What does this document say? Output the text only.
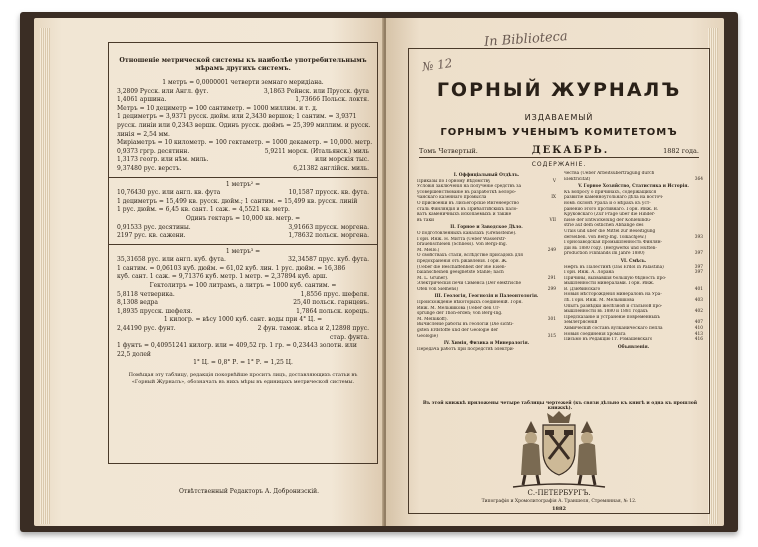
Отношеніе метрической системы къ наиболѣе употребительнымъ
мѣрамъ другихъ системъ.
1 метръ = 0,0000001 четверти земнаго меридіана.
3,2809 Русск. или Англ. фут.	3,1863 Рейнск. или Прусск. фута
1,4061 аршина.	1,73666 Польск. локтя.
Метръ = 10 дециметр = 100 сантиметр. = 1000 миллим. и т. д.
1 дециметръ = 3,9371 русск. дюйм. или 2,3430 вершок; 1 сантим. = 3,9371
русск. линіи или 0,2343 вершк. Одинъ русск. дюймъ = 25,399 миллим. и русск.
линія = 2,54 мм.
Миріаметръ = 10 километр. = 100 гектаметр. = 1000 декаметр. = 10,000. метр.
0,9373 гргр. десятинн.	5,9211 морск. (Итальянск.) миль
1,3173 геогр. или нѣм. миль.	или морскія тыс.
9,37480 рус. верстъ.	6,21382 англійск. миль.
1 метръ² =
10,76430 рус. или англ. кв. фута	10,1587 прусск. кв. фута.
1 дециметръ = 15,499 кв. русск. дюйм.; 1 сантим. = 15,499 кв. русск. линій
1 рус. дюйм. = 6,45 кв. сант. 1 саж. = 4,5521 кв. метр.
Одинъ гектаръ = 10,000 кв. метр. =
0,91533 рус. десятины.	3,91663 прусск. моргена.
2197 рус. кв. сажени.	1,78632 польск. моргена.
1 метръ³ =
35,31658 рус. или англ. куб. фута.	32,34587 прус. куб. фута.
1 сантим. = 0,06103 куб. дюйм. = 61,02 куб. лин. 1 рус. дюйм. = 16,386
куб. сант. 1 саж. = 9,71376 куб. метр. 1 метр. = 2,37894 куб. арш.
Гектолитръ = 100 литрамъ, а литръ = 1000 куб. сантим. =
5,8118 четверика.	1,8556 прус. шефеля.
8,1308 ведра	25,40 польск. гарнцевъ.
1,8935 прусск. шефеля.	1,7864 польск. корецъ.
1 килогр. = вѣсу 1000 куб. сант. воды при 4° Ц. =
2,44190 рус. фунт.	2 фун. тамож. вѣса и 2,12898 прус.
стар. фунта.
1 фунтъ = 0,40951241 килогр. или = 409,52 гр. 1 гр. = 0,23443 золотн. или
22,5 долей
1° Ц. = 0,8° Р. = 1° Р. = 1,25 Ц.
Помѣщая эту таблицу, редакція покорнѣйше проситъ лицъ, доставляющихъ статьи въ «Горный Журналъ», обозначать въ нихъ мѣры въ единицахъ метрической системы.
Отвѣтственный Редакторъ А. Добронизскій.
№ 12
In Biblioteca
ГОРНЫЙ ЖУРНАЛЪ
ИЗДАВАЕМЫЙ
ГОРНЫМЪ УЧЕНЫМЪ КОМИТЕТОМЪ
Томъ Четвертый.	ДЕКАБРЬ.	1882 года.
СОДЕРЖАНІЕ.
I. Оффиціальный Отдѣлъ.
Приказы по Горному Вѣдомству	V
Условія заключенія на полученіе средствъ за
усовершенствованіе въ разработкѣ Белоро-
чанскаго казеннаго промысла	IX
О присвоеніи въ Лисьегорскіе Ингенеерство
сталь Финляндія и въ Прибалтійскихъ пало-
ватъ каменичныхъ ископаемыхъ и также
въ таки	VII
II. Горное и Заводское Дѣло.
О подготовленныхъ каналахъ (Grenssteine).
Горн. Инж. Н. Митта (Ueber Wasserstr-
brauenschleien (Schliess). Von Bergi-Ing.
M. Mello.)	249
О свойствахъ стали, вслѣдствіе присадокъ для
предохраненія отъ ржавленія. Горн. Ж.
(Ueber die Beschaffenheit der Bie Eisen-
balanscheinen geeignetste Stahle; nach
M. L. Grüner).	291
Электрическія печи Сименса (Der elektrische
Ofen von Siemens)	299
III. Геологія, Геогнозія и Палеонтологія.
Происхожденіе нѣкоторыхъ соединеній. Горн.
Инж. М. Мельникова (Ueber den Ur-
sprunge der Thon-erden; von Berg-Ing.
M. Melnikoff).	301
Вычисленіе работы въ геологіи (Die sichti-
gsten Erdstoffe und der Geologie der
Geologie)	315
IV. Химія, Физика и Минералогія.
Передача работъ при посредствѣ электри-
чества (Ueber Arbeitsübertragung durch
Elektricität)	364
V. Горное Хозяйство, Статистика и Исторія.
Къ вопросу о причинахъ, содержащихся
развитіе каменноугольнаго дѣла на восточ-
номъ склонѣ Урала и о мѣрахъ къ уст-
раненію этого противнаго. Горн. Инж. В.
Круковскаго (Zur Frage über die Hinder-
nisse der Entwickelung der Kohlenindu-
strie auf dem östlichen Abhange des
Urals und über die Mittel zur Beseitigung
derselben. von Berg-Ing. Tolkachjew.)	393
Горнозаводская промышленность Финлян-
діи въ 1880 году. (Bergwerks und Hütten-
production Finnlands im Jahre 1880)	397
VI. Смѣсь.
Нефть въ Палестинѣ (Das Erdöl in Palästina)	397
Горн. Инж. А. Лорана	397
Причины, вызвавшія большую бѣдность про-
мышленности минералами. Горн. Инж.
В. Дзюбинскаго	401
Новыя мѣсторожденія минераловъ на Ура-
лѣ. Горн. Инж. М. Мельникова	403
Опытъ развѣдки желѣзной и стальной про-
мышленности въ 1880 и 1881 годахъ	402
Предсказаніе и устраненіе повременныхъ
землетрясеній	407
Химическій составъ вулканическаго пепла	410
Новыя соединенія хромата	413
Письмо въ Редакцію Гг. Ромашевскаго	416
Объявленія.
Въ этой книжкѣ приложены четыре таблицы чертежей (къ связи дѣльно къ книгѣ и одна къ прошлой книжкѣ).
С.-ПЕТЕРБУРГЪ.
Типографія и Хромолитографія А. Траншеля, Стремянная, № 12.
1882
